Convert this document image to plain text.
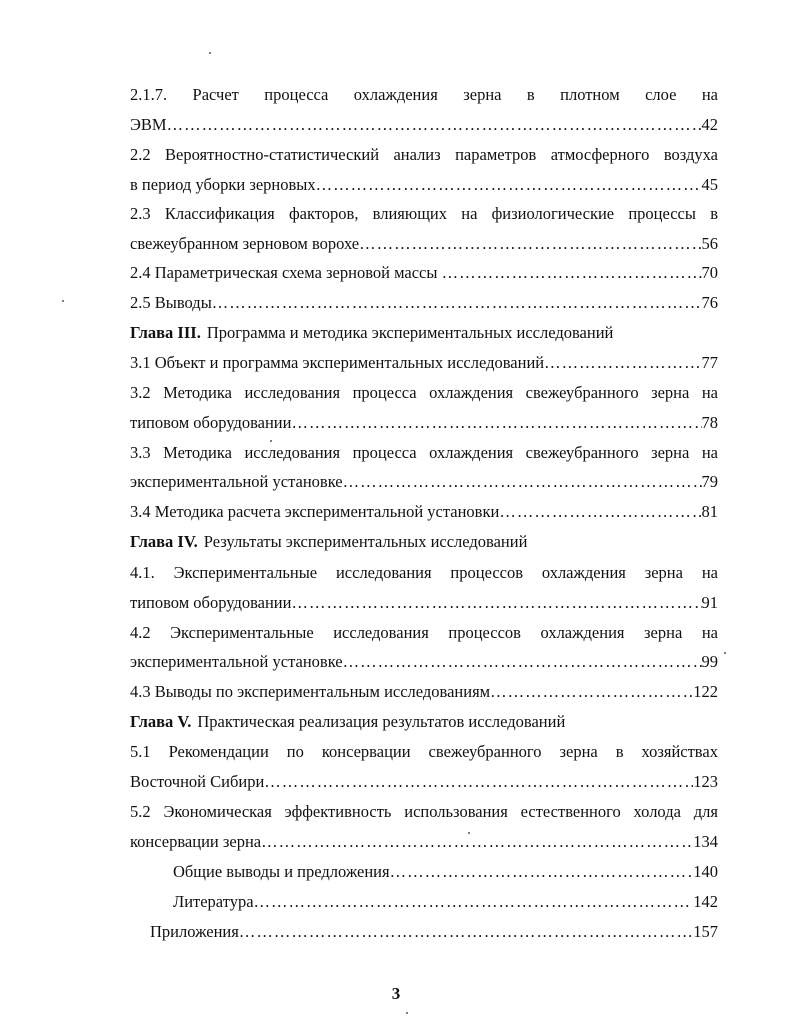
2.1.7. Расчет процесса охлаждения зерна в плотном слое на
ЭВМ ………………………………………………………………………………………………………………………………………………	42
2.2 Вероятностно-статистический анализ параметров атмосферного воздуха
в период уборки зерновых ………………………………………………………………………………………………………………………………………………	45
2.3 Классификация факторов, влияющих на физиологические процессы в
свежеубранном зерновом ворохе ………………………………………………………………………………………………………………………………………………	56
2.4 Параметрическая схема зерновой массы ………………………………………………………………………………………………………………………………………………	70
2.5 Выводы ………………………………………………………………………………………………………………………………………………	76
Глава III. Программа и методика экспериментальных исследований
3.1 Объект и программа экспериментальных исследований ………………………………………………………………………………………………………………………………………………	77
3.2 Методика исследования процесса охлаждения свежеубранного зерна на
типовом оборудовании ………………………………………………………………………………………………………………………………………………	78
3.3 Методика исследования процесса охлаждения свежеубранного зерна на
экспериментальной установке ………………………………………………………………………………………………………………………………………………	79
3.4 Методика расчета экспериментальной установки ………………………………………………………………………………………………………………………………………………	81
Глава IV. Результаты экспериментальных исследований
4.1. Экспериментальные исследования процессов охлаждения зерна на
типовом оборудовании ………………………………………………………………………………………………………………………………………………	91
4.2 Экспериментальные исследования процессов охлаждения зерна на
экспериментальной установке ………………………………………………………………………………………………………………………………………………	99
4.3 Выводы по экспериментальным исследованиям ………………………………………………………………………………………………………………………………………………	122
Глава V. Практическая реализация результатов исследований
5.1 Рекомендации по консервации свежеубранного зерна в хозяйствах
Восточной Сибири ………………………………………………………………………………………………………………………………………………	123
5.2 Экономическая эффективность использования естественного холода для
консервации зерна ………………………………………………………………………………………………………………………………………………	134
Общие выводы и предложения ………………………………………………………………………………………………………………………………………………	140
Литература ………………………………………………………………………………………………………………………………………………	142
Приложения ………………………………………………………………………………………………………………………………………………	157
3
